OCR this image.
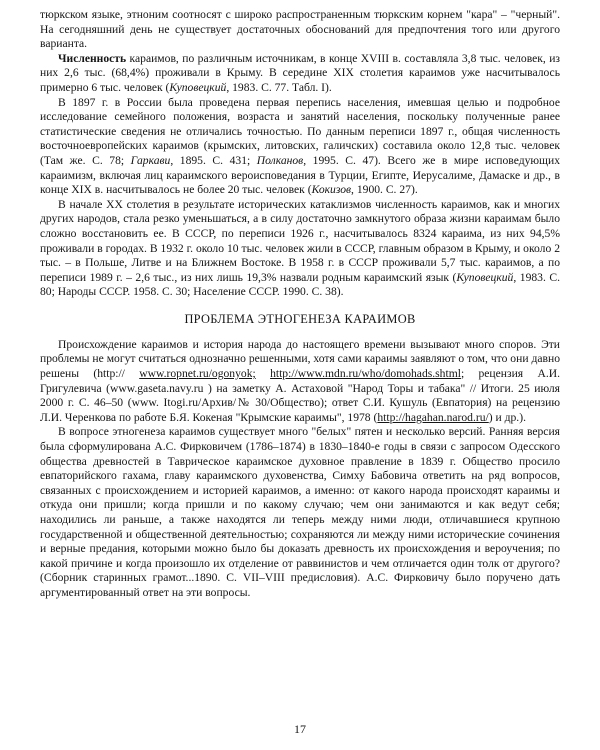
тюркском языке, этноним соотносят с широко распространенным тюркским корнем "кара" – "черный". На сегодняшний день не существует достаточных обоснований для предпочтения того или другого варианта.

Численность караимов, по различным источникам, в конце XVIII в. составляла 3,8 тыс. человек, из них 2,6 тыс. (68,4%) проживали в Крыму. В середине XIX столетия караимов уже насчитывалось примерно 6 тыс. человек (Куповецкий, 1983. С. 77. Табл. I).

В 1897 г. в России была проведена первая перепись населения, имевшая целью и подробное исследование семейного положения, возраста и занятий населения, поскольку полученные ранее статистические сведения не отличались точностью. По данным переписи 1897 г., общая численность восточноевропейских караимов (крымских, литовских, галичских) составила около 12,8 тыс. человек (Там же. С. 78; Гаркави, 1895. С. 431; Полканов, 1995. С. 47). Всего же в мире исповедующих караимизм, включая лиц караимского вероисповедания в Турции, Египте, Иерусалиме, Дамаске и др., в конце XIX в. насчитывалось не более 20 тыс. человек (Кокизов, 1900. С. 27).

В начале XX столетия в результате исторических катаклизмов численность караимов, как и многих других народов, стала резко уменьшаться, а в силу достаточно замкнутого образа жизни караимам было сложно восстановить ее. В СССР, по переписи 1926 г., насчитывалось 8324 караима, из них 94,5% проживали в городах. В 1932 г. около 10 тыс. человек жили в СССР, главным образом в Крыму, и около 2 тыс. – в Польше, Литве и на Ближнем Востоке. В 1958 г. в СССР проживали 5,7 тыс. караимов, а по переписи 1989 г. – 2,6 тыс., из них лишь 19,3% назвали родным караимский язык (Куповецкий, 1983. С. 80; Народы СССР. 1958. С. 30; Население СССР. 1990. С. 38).

ПРОБЛЕМА ЭТНОГЕНЕЗА КАРАИМОВ

Происхождение караимов и история народа до настоящего времени вызывают много споров. Эти проблемы не могут считаться однозначно решенными, хотя сами караимы заявляют о том, что они давно решены (http:// www.ropnet.ru/ogonyok; http://www.mdn.ru/who/domohads.shtml; рецензия А.И. Григулевича (www.gaseta.navy.ru ) на заметку А. Астаховой "Народ Торы и табака" // Итоги. 25 июля 2000 г. С. 46–50 (www. Itogi.ru/Архив/№ 30/Общество); ответ С.И. Кушуль (Евпатория) на рецензию Л.И. Черенкова по работе Б.Я. Кокеная "Крымские караимы", 1978 (http://hagahan.narod.ru/) и др.).

В вопросе этногенеза караимов существует много "белых" пятен и несколько версий. Ранняя версия была сформулирована А.С. Фирковичем (1786–1874) в 1830–1840-е годы в связи с запросом Одесского общества древностей в Таврическое караимское духовное правление в 1839 г. Общество просило евпаторийского гахама, главу караимского духовенства, Симху Бабовича ответить на ряд вопросов, связанных с происхождением и историей караимов, а именно: от какого народа происходят караимы и откуда они пришли; когда пришли и по какому случаю; чем они занимаются и как ведут себя; находились ли раньше, а также находятся ли теперь между ними люди, отличавшиеся крупною государственной и общественной деятельностью; сохраняются ли между ними исторические сочинения и верные предания, которыми можно было бы доказать древность их происхождения и вероучения; по какой причине и когда произошло их отделение от раввинистов и чем отличается один толк от другого? (Сборник старинных грамот...1890. С. VII–VIII предисловия). А.С. Фирковичу было поручено дать аргументированный ответ на эти вопросы.

17
